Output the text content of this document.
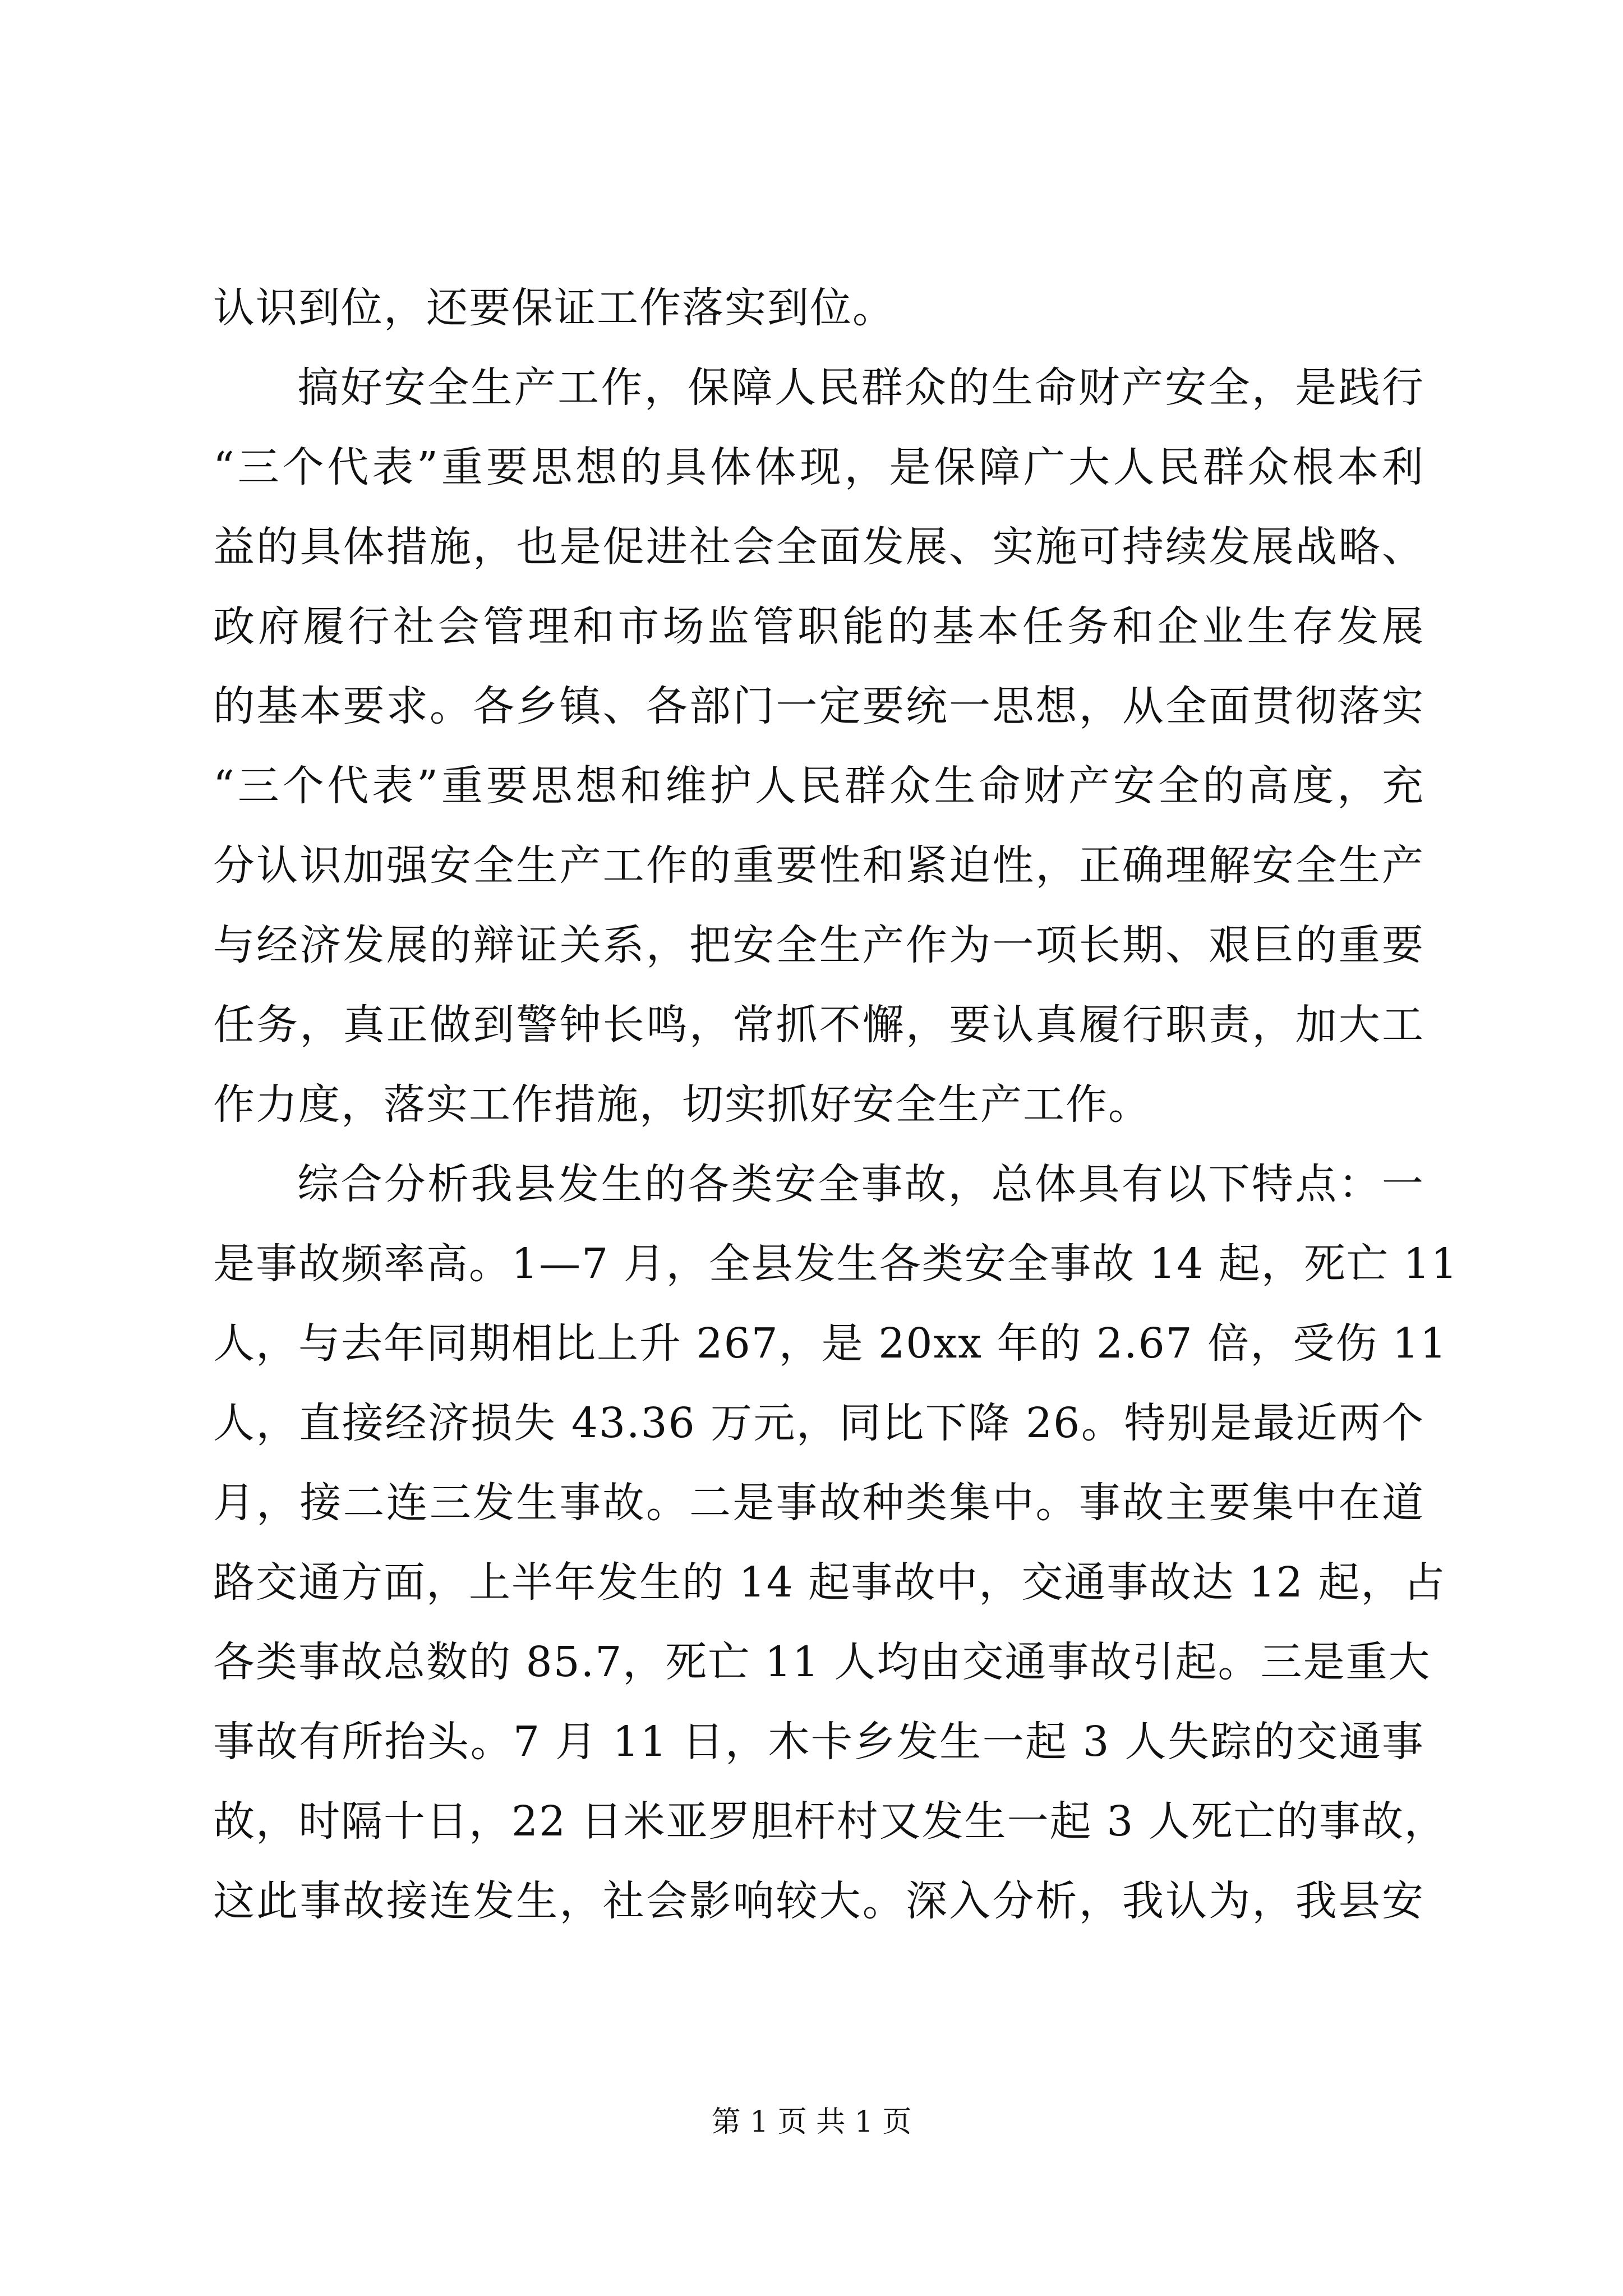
认识到位，还要保证工作落实到位。
搞好安全生产工作，保障人民群众的生命财产安全，是践行
“三个代表”重要思想的具体体现，是保障广大人民群众根本利
益的具体措施，也是促进社会全面发展、实施可持续发展战略、
政府履行社会管理和市场监管职能的基本任务和企业生存发展
的基本要求。各乡镇、各部门一定要统一思想，从全面贯彻落实
“三个代表”重要思想和维护人民群众生命财产安全的高度，充
分认识加强安全生产工作的重要性和紧迫性，正确理解安全生产
与经济发展的辩证关系，把安全生产作为一项长期、艰巨的重要
任务，真正做到警钟长鸣，常抓不懈，要认真履行职责，加大工
作力度，落实工作措施，切实抓好安全生产工作。
综合分析我县发生的各类安全事故，总体具有以下特点：一
是事故频率高。1—7 月，全县发生各类安全事故 14 起，死亡 11
人，与去年同期相比上升 267，是 20xx 年的 2.67 倍，受伤 11
人，直接经济损失 43.36 万元，同比下降 26。特别是最近两个
月，接二连三发生事故。二是事故种类集中。事故主要集中在道
路交通方面，上半年发生的 14 起事故中，交通事故达 12 起，占
各类事故总数的 85.7，死亡 11 人均由交通事故引起。三是重大
事故有所抬头。7 月 11 日，木卡乡发生一起 3 人失踪的交通事
故，时隔十日，22 日米亚罗胆杆村又发生一起 3 人死亡的事故，
这此事故接连发生，社会影响较大。深入分析，我认为，我县安
第 1 页 共 1 页
